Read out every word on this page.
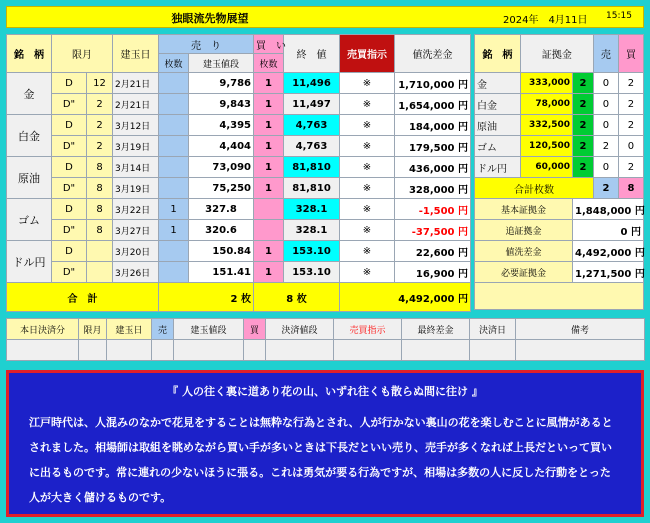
独眼流先物展望	2024年　4月11日	15:15
銘　柄	限月		建玉日	売　り		買　い	終　値	売買指示	値洗差金
				枚数	建玉値段	枚数			
金	D	12	2月21日		9,786	1	11,496	※	1,710,000 円
	D"	2	2月21日		9,843	1	11,497	※	1,654,000 円
白金	D	2	3月12日		4,395	1	4,763	※	184,000 円
	D"	2	3月19日		4,404	1	4,763	※	179,500 円
原油	D	8	3月14日		73,090	1	81,810	※	436,000 円
	D"	8	3月19日		75,250	1	81,810	※	328,000 円
ゴム	D	8	3月22日	1	327.8		328.1	※	-1,500 円
	D"	8	3月27日	1	320.6		328.1	※	-37,500 円
ドル円	D		3月20日		150.84	1	153.10	※	22,600 円
	D"		3月26日		151.41	1	153.10	※	16,900 円
合　計				2 枚		8 枚		4,492,000 円	
銘　柄	証拠金		売	買
金	333,000	2	0	2
白金	78,000	2	0	2
原油	332,500	2	0	2
ゴム	120,500	2	2	0
ドル円	60,000	2	0	2
合計枚数			2	8
基本証拠金		1,848,000 円		
追証拠金		0 円		
値洗差金		4,492,000 円		
必要証拠金		1,271,500 円		

本日決済分	限月	建玉日	売	建玉値段	買	決済値段	売買指示	最終差金	決済日	備考

『 人の往く裏に道あり花の山、いずれ往くも散らぬ間に往け 』
江戸時代は、人混みのなかで花見をすることは無粋な行為とされ、人が行かない裏山の花を楽しむことに風情があるとされました。相場師は取組を眺めながら買い手が多いときは下長だといい売り、売手が多くなれば上長だといって買いに出るものです。常に連れの少ないほうに張る。これは勇気が要る行為ですが、相場は多数の人に反した行動をとった人が大きく儲けるものです。
